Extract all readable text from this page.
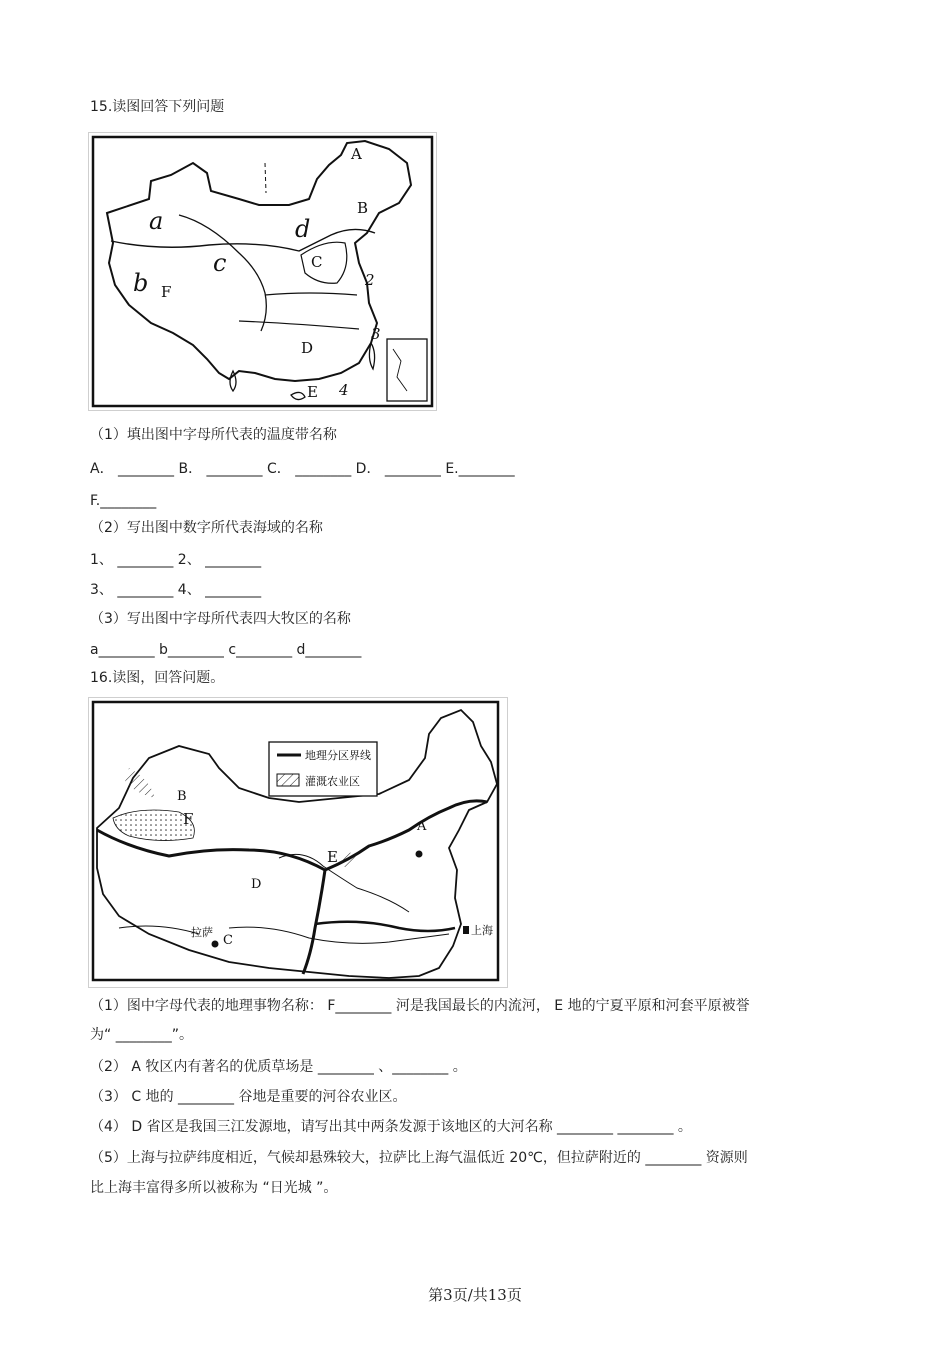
15.读图回答下列问题
A
B
C
D
E
F
a
b
c
d
2
3
4
（1）填出图中字母所代表的温度带名称
A． ________ B． ________ C． ________ D． ________ E.________
F.________
（2）写出图中数字所代表海域的名称
1、 ________ 2、 ________
3、 ________ 4、 ________
（3）写出图中字母所代表四大牧区的名称
a________ b________ c________ d________
16.读图，回答问题。
地理分区界线
灌溉农业区
A
B
C
D
E
F
拉萨	上海
（1）图中字母代表的地理事物名称： F________ 河是我国最长的内流河， E 地的宁夏平原和河套平原被誉
为“ ________”。
（2） A 牧区内有著名的优质草场是 ________ 、________ 。
（3） C 地的 ________ 谷地是重要的河谷农业区。
（4） D 省区是我国三江发源地，请写出其中两条发源于该地区的大河名称 ________ ________ 。
（5）上海与拉萨纬度相近，气候却悬殊较大，拉萨比上海气温低近 20℃，但拉萨附近的 ________ 资源则
比上海丰富得多所以被称为 “日光城 ”。
第3页/共13页
